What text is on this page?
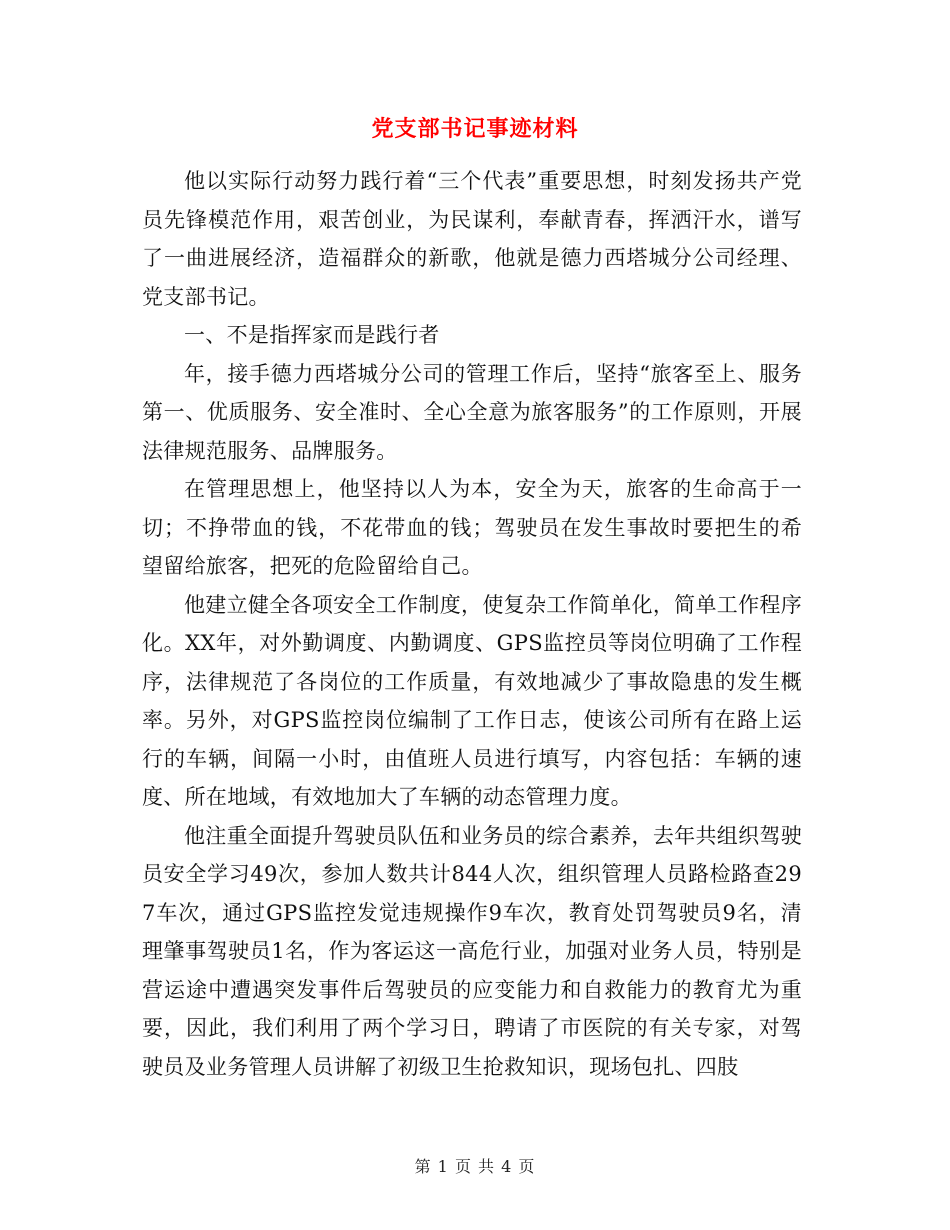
党支部书记事迹材料

他以实际行动努力践行着“三个代表”重要思想，时刻发扬共产党员先锋模范作用，艰苦创业，为民谋利，奉献青春，挥洒汗水，谱写了一曲进展经济，造福群众的新歌，他就是德力西塔城分公司经理、党支部书记。

一、不是指挥家而是践行者

年，接手德力西塔城分公司的管理工作后，坚持“旅客至上、服务第一、优质服务、安全准时、全心全意为旅客服务”的工作原则，开展法律规范服务、品牌服务。

在管理思想上，他坚持以人为本，安全为天，旅客的生命高于一切；不挣带血的钱，不花带血的钱；驾驶员在发生事故时要把生的希望留给旅客，把死的危险留给自己。

他建立健全各项安全工作制度，使复杂工作简单化，简单工作程序化。XX年，对外勤调度、内勤调度、GPS监控员等岗位明确了工作程序，法律规范了各岗位的工作质量，有效地减少了事故隐患的发生概率。另外，对GPS监控岗位编制了工作日志，使该公司所有在路上运行的车辆，间隔一小时，由值班人员进行填写，内容包括：车辆的速度、所在地域，有效地加大了车辆的动态管理力度。

他注重全面提升驾驶员队伍和业务员的综合素养，去年共组织驾驶员安全学习49次，参加人数共计844人次，组织管理人员路检路查297车次，通过GPS监控发觉违规操作9车次，教育处罚驾驶员9名，清理肇事驾驶员1名，作为客运这一高危行业，加强对业务人员，特别是营运途中遭遇突发事件后驾驶员的应变能力和自救能力的教育尤为重要，因此，我们利用了两个学习日，聘请了市医院的有关专家，对驾驶员及业务管理人员讲解了初级卫生抢救知识，现场包扎、四肢

第 1 页 共 4 页
